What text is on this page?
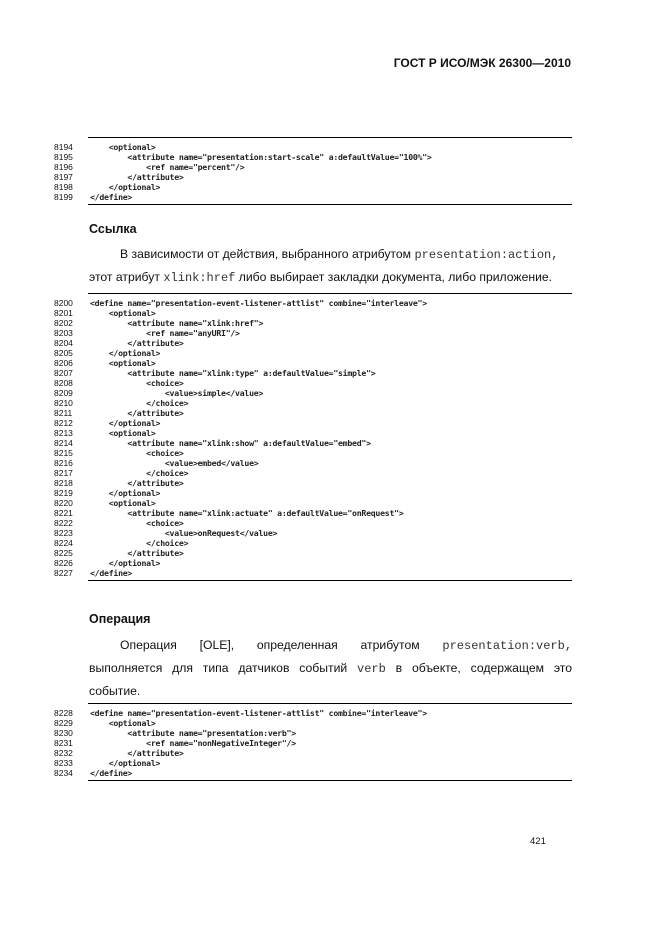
ГОСТ Р ИСО/МЭК 26300—2010
8194	<optional>
8195	<attribute name="presentation:start-scale" a:defaultValue="100%">
8196	<ref name="percent"/>
8197	</attribute>
8198	</optional>
8199	</define>
Ссылка
В зависимости от действия, выбранного атрибутом presentation:action,
этот атрибут xlink:href либо выбирает закладки документа, либо приложение.
8200	<define name="presentation-event-listener-attlist" combine="interleave">
8201	<optional>
8202	<attribute name="xlink:href">
8203	<ref name="anyURI"/>
8204	</attribute>
8205	</optional>
8206	<optional>
8207	<attribute name="xlink:type" a:defaultValue="simple">
8208	<choice>
8209	<value>simple</value>
8210	</choice>
8211	</attribute>
8212	</optional>
8213	<optional>
8214	<attribute name="xlink:show" a:defaultValue="embed">
8215	<choice>
8216	<value>embed</value>
8217	</choice>
8218	</attribute>
8219	</optional>
8220	<optional>
8221	<attribute name="xlink:actuate" a:defaultValue="onRequest">
8222	<choice>
8223	<value>onRequest</value>
8224	</choice>
8225	</attribute>
8226	</optional>
8227	</define>
Операция
Операция [OLE], определенная атрибутом presentation:verb,
выполняется для типа датчиков событий verb в объекте, содержащем это
событие.
8228	<define name="presentation-event-listener-attlist" combine="interleave">
8229	<optional>
8230	<attribute name="presentation:verb">
8231	<ref name="nonNegativeInteger"/>
8232	</attribute>
8233	</optional>
8234	</define>
421
